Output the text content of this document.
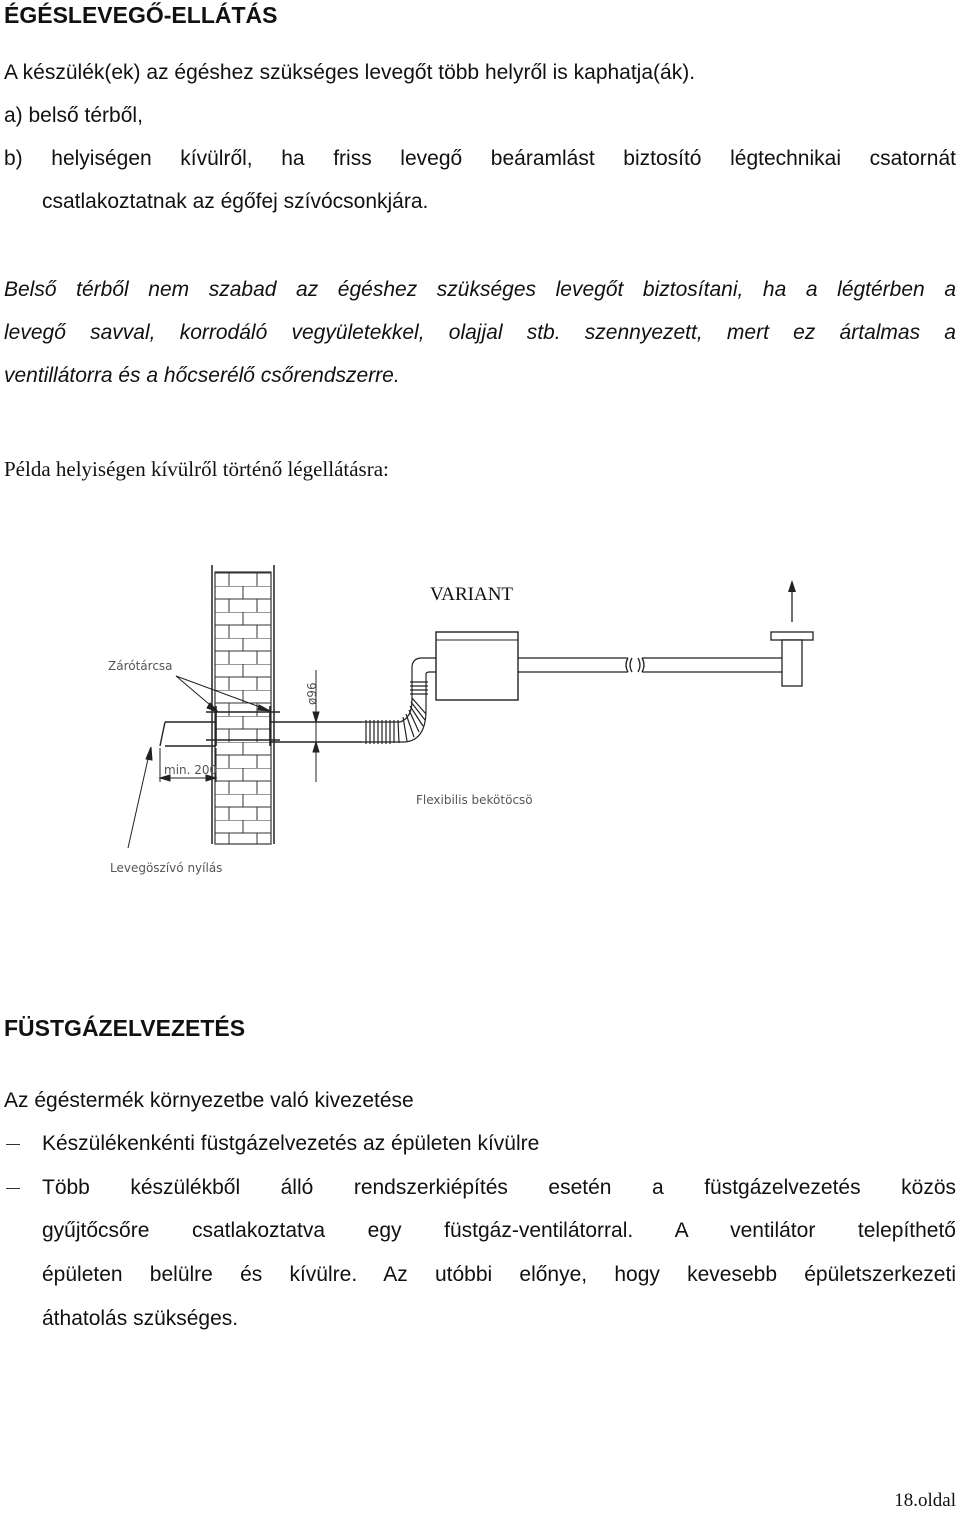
ÉGÉSLEVEGŐ-ELLÁTÁS
A készülék(ek) az égéshez szükséges levegőt több helyről is kaphatja(ák).
a) belső térből,
b) helyiségen kívülről, ha friss levegő beáramlást biztosító légtechnikai csatornát
csatlakoztatnak az égőfej szívócsonkjára.
Belső térből nem szabad az égéshez szükséges levegőt biztosítani, ha a légtérben a
levegő savval, korrodáló vegyületekkel, olajjal stb. szennyezett, mert ez ártalmas a
ventillátorra és a hőcserélő csőrendszerre.
Példa helyiségen kívülről történő légellátásra:
ø96
min. 200
VARIANT
Zárótárcsa
Flexibilis bekötöcsö
Levegöszívó nyílás
FÜSTGÁZELVEZETÉS
Az égéstermék környezetbe való kivezetése
Készülékenkénti füstgázelvezetés az épületen kívülre
Több készülékből álló rendszerkiépítés esetén a füstgázelvezetés közös
gyűjtőcsőre csatlakoztatva egy füstgáz-ventilátorral. A ventilátor telepíthető
épületen belülre és kívülre. Az utóbbi előnye, hogy kevesebb épületszerkezeti
áthatolás szükséges.
18.oldal
